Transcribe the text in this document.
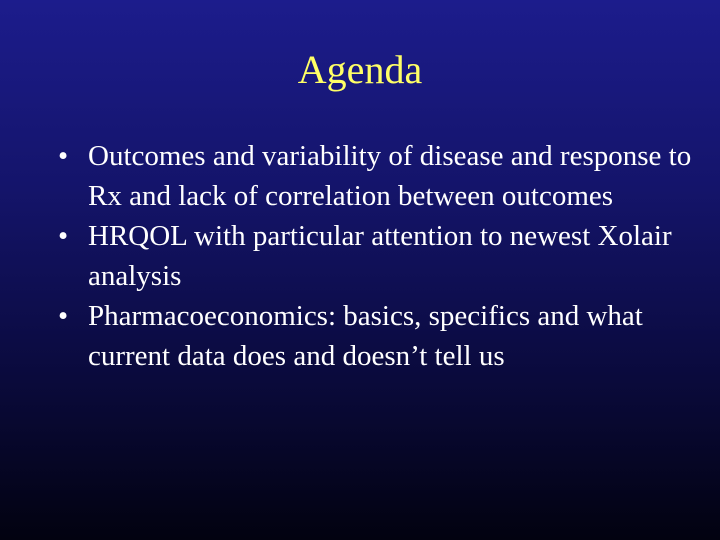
Agenda
• Outcomes and variability of disease and response to Rx and lack of correlation between outcomes
• HRQOL with particular attention to newest Xolair analysis
• Pharmacoeconomics: basics, specifics and what current data does and doesn’t tell us
